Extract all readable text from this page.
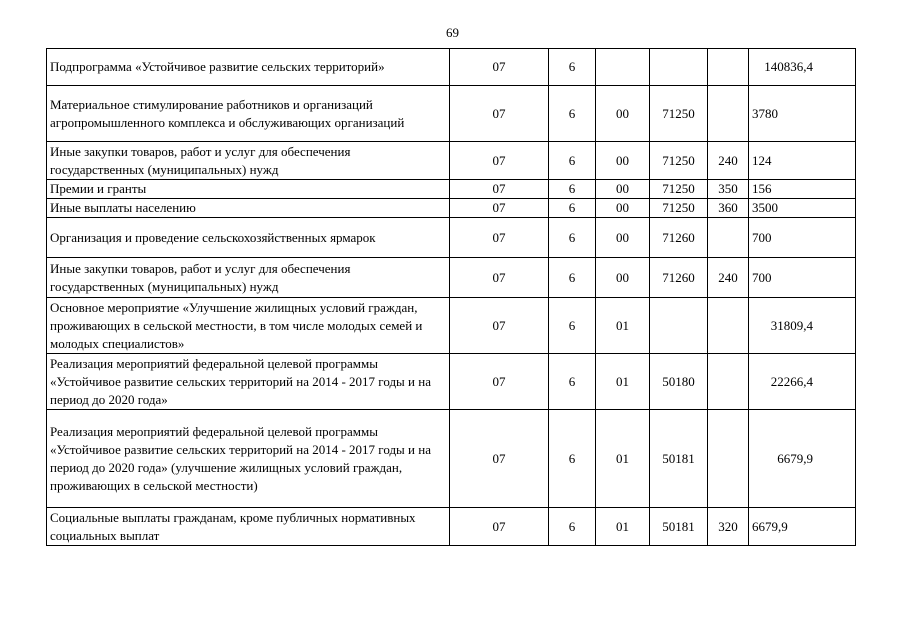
69
Подпрограмма «Устойчивое развитие сельских территорий»	07	6				140836,4
Материальное стимулирование работников и организаций агропромышленного комплекса и обслуживающих организаций	07	6	00	71250		3780
Иные закупки товаров, работ и услуг для обеспечения государственных (муниципальных) нужд	07	6	00	71250	240	124
Премии и гранты	07	6	00	71250	350	156
Иные выплаты населению	07	6	00	71250	360	3500
Организация и проведение сельскохозяйственных ярмарок	07	6	00	71260		700
Иные закупки товаров, работ и услуг для обеспечения государственных (муниципальных) нужд	07	6	00	71260	240	700
Основное мероприятие «Улучшение жилищных условий граждан, проживающих в сельской местности, в том числе молодых семей и молодых специалистов»	07	6	01			31809,4
Реализация мероприятий федеральной целевой программы «Устойчивое развитие сельских территорий на 2014 - 2017 годы и на период до 2020 года»	07	6	01	50180		22266,4
Реализация мероприятий федеральной целевой программы «Устойчивое развитие сельских территорий на 2014 - 2017 годы и на период до 2020 года» (улучшение жилищных условий граждан, проживающих в сельской местности)	07	6	01	50181		6679,9
Социальные выплаты гражданам, кроме публичных нормативных социальных выплат	07	6	01	50181	320	6679,9
